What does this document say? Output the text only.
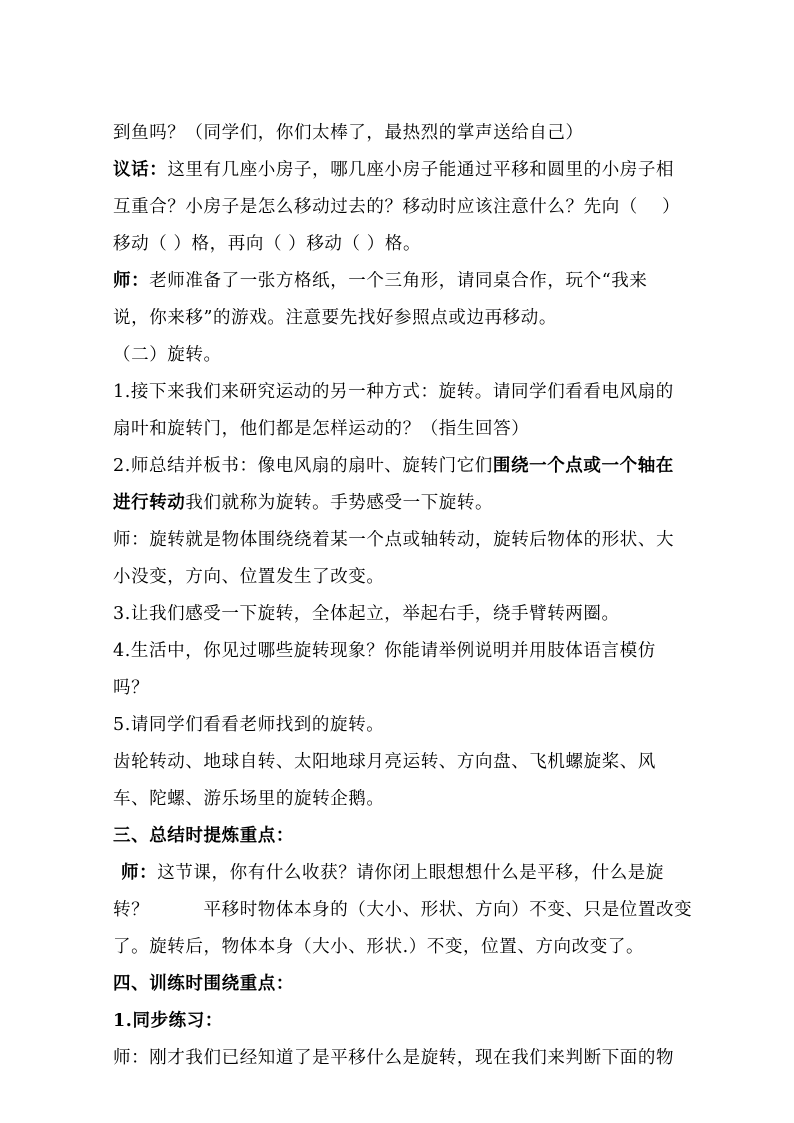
到鱼吗？（同学们，你们太棒了，最热烈的掌声送给自己）
议话：这里有几座小房子，哪几座小房子能通过平移和圆里的小房子相
互重合？小房子是怎么移动过去的？移动时应该注意什么？先向（　 ）
移动（ ）格，再向（ ）移动（ ）格。
师：老师准备了一张方格纸，一个三角形，请同桌合作，玩个“我来
说，你来移”的游戏。注意要先找好参照点或边再移动。
（二）旋转。
1.接下来我们来研究运动的另一种方式：旋转。请同学们看看电风扇的
扇叶和旋转门，他们都是怎样运动的？（指生回答）
2.师总结并板书：像电风扇的扇叶、旋转门它们围绕一个点或一个轴在
进行转动我们就称为旋转。手势感受一下旋转。
师：旋转就是物体围绕绕着某一个点或轴转动，旋转后物体的形状、大
小没变，方向、位置发生了改变。
3.让我们感受一下旋转，全体起立，举起右手，绕手臂转两圈。
4.生活中，你见过哪些旋转现象？你能请举例说明并用肢体语言模仿
吗？
5.请同学们看看老师找到的旋转。
齿轮转动、地球自转、太阳地球月亮运转、方向盘、飞机螺旋桨、风
车、陀螺、游乐场里的旋转企鹅。
三、总结时提炼重点：
师：这节课，你有什么收获？请你闭上眼想想什么是平移，什么是旋
转？　　　平移时物体本身的（大小、形状、方向）不变、只是位置改变
了。旋转后，物体本身（大小、形状.）不变，位置、方向改变了。
四、训练时围绕重点：
1.同步练习：
师：刚才我们已经知道了是平移什么是旋转，现在我们来判断下面的物
